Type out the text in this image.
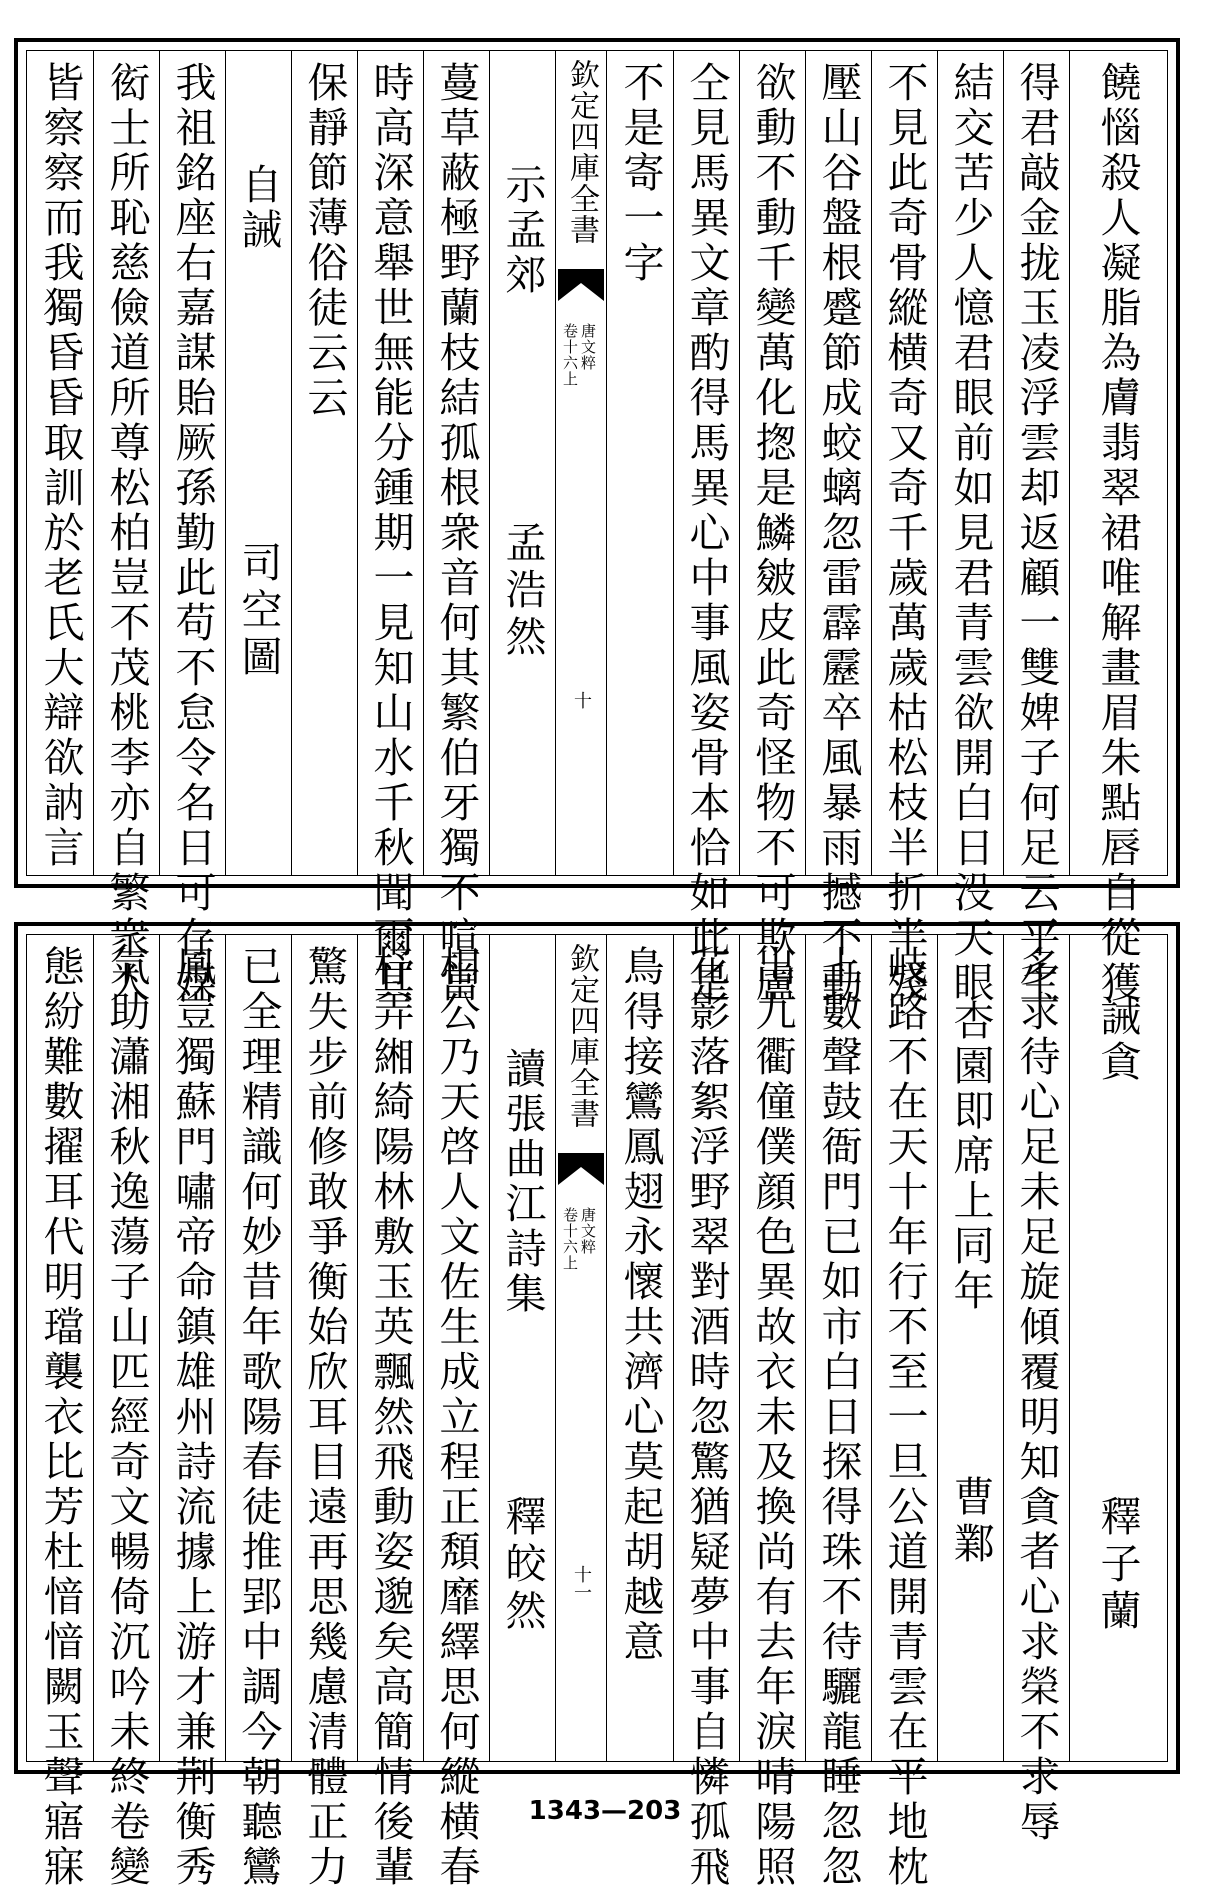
皆察察而我獨昏昏取訓於老氏大辯欲訥言 衒士所恥慈儉道所尊松柏豈不茂桃李亦自繁衆人 我祖銘座右嘉謀貽厥孫勤此苟不怠令名日可存媒 自誡
司空圖
保靜節薄俗徒云云 時高深意舉世無能分鍾期一見知山水千秋聞爾其 蔓草蔽極野蘭枝結孤根衆音何其繁伯牙獨不喧當 示孟郊
孟浩然
欽定四庫全書
唐文粹
卷十六上
十
不是寄一字 仝見馬異文章酌得馬異心中事風姿骨本恰如此是 欲動不動千變萬化揔是鱗皴皮此奇怪物不可欺盧 壓山谷盤根蹙節成蛟螭忽雷霹靂卒風暴雨撼不動 不見此奇骨縱横奇又奇千歲萬歲枯松枝半折半殘 結交苦少人憶君眼前如見君青雲欲開白日没天眼 得君敲金拢玉凌浮雲却返顧一雙婢子何足云平生 饒惱殺人凝脂為膚翡翠裙唯解畫眉朱點唇自從獲
態紛難數擢耳代明璫襲衣比芳杜愔愔闕玉聲寤寐 氣助瀟湘秋逸蕩子山匹經奇文暢倚沉吟未終卷變 鳳豈獨蘇門嘯帝命鎮雄州詩流據上游才兼荆衡秀 已全理精識何妙昔年歌陽春徒推郢中調今朝聽鸞 驚失步前修敢爭衡始欣耳目遠再思幾慮清體正力 杼弄緗綺陽林敷玉英飄然飛動姿邈矣高簡情後輩 相公乃天啓人文佐生成立程正頽靡繹思何縱横春 讀張曲江詩集
釋皎然
欽定四庫全書
唐文粹
卷十六上
十一 鳥得接鸞鳳翅永懷共濟心莫起胡越意 花影落絮浮野翠對酒時忽驚猶疑夢中事自憐孤飛 出九衢僮僕顔色異故衣未及換尚有去年淚晴陽照 上數聲鼓衙門已如市白日探得珠不待驪龍睡忽忽 岐路不在天十年行不至一旦公道開青雲在平地枕 杏園即席上同年
曹鄴 多求待心足未足旋傾覆明知貪者心求榮不求辱 誡貪
釋子蘭
1343—203
